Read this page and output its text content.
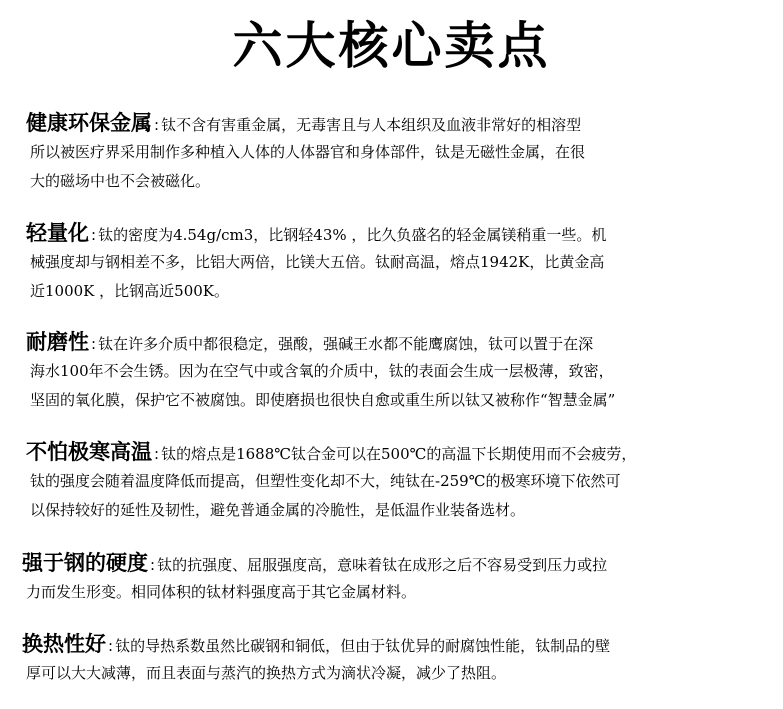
六大核心卖点
健康环保金属 : 钛不含有害重金属，无毒害且与人本组织及血液非常好的相溶型
所以被医疗界采用制作多种植入人体的人体器官和身体部件，钛是无磁性金属，在很
大的磁场中也不会被磁化。
轻量化 : 钛的密度为4.54g/cm3，比钢轻43% ，比久负盛名的轻金属镁稍重一些。机
械强度却与钢相差不多，比铝大两倍，比镁大五倍。钛耐高温，熔点1942K，比黄金高
近1000K ，比钢高近500K。
耐磨性 : 钛在许多介质中都很稳定，强酸，强碱王水都不能鹰腐蚀，钛可以置于在深
海水100年不会生锈。因为在空气中或含氧的介质中，钛的表面会生成一层极薄，致密，
坚固的氧化膜，保护它不被腐蚀。即使磨损也很快自愈或重生所以钛又被称作“智慧金属”
不怕极寒高温 : 钛的熔点是1688℃钛合金可以在500℃的高温下长期使用而不会疲劳，
钛的强度会随着温度降低而提高，但塑性变化却不大，纯钛在-259℃的极寒环境下依然可
以保持较好的延性及韧性，避免普通金属的冷脆性，是低温作业装备选材。
强于钢的硬度 : 钛的抗强度、屈服强度高，意味着钛在成形之后不容易受到压力或拉
力而发生形变。相同体积的钛材料强度高于其它金属材料。
换热性好 : 钛的导热系数虽然比碳钢和铜低，但由于钛优异的耐腐蚀性能，钛制品的壁
厚可以大大减薄，而且表面与蒸汽的换热方式为滴状冷凝，减少了热阻。
